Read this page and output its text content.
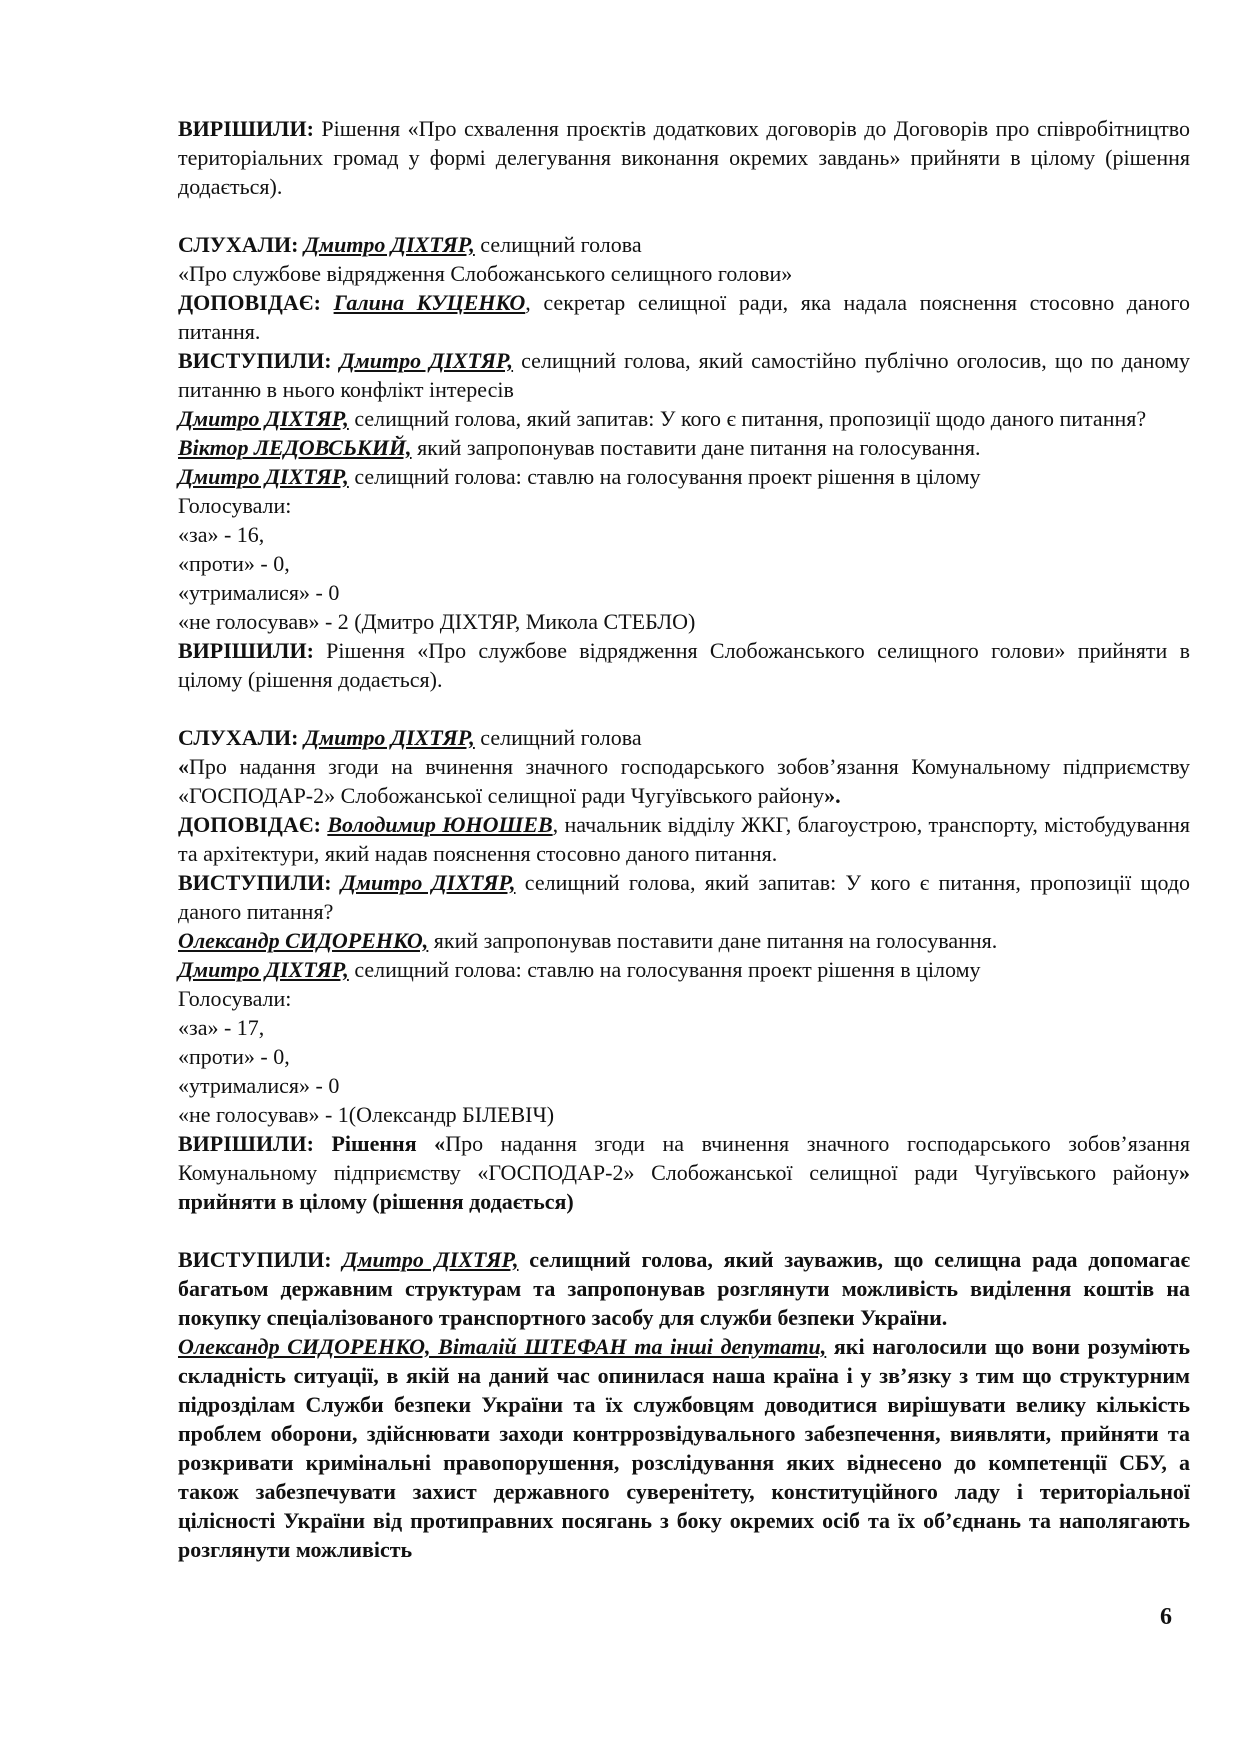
ВИРІШИЛИ: Рішення «Про схвалення проєктів додаткових договорів до Договорів про співробітництво територіальних громад у формі делегування виконання окремих завдань» прийняти в цілому (рішення додається).

СЛУХАЛИ: Дмитро ДІХТЯР, селищний голова

«Про службове відрядження Слобожанського селищного голови»

ДОПОВІДАЄ: Галина КУЦЕНКО, секретар селищної ради, яка надала пояснення стосовно даного питання.

ВИСТУПИЛИ: Дмитро ДІХТЯР, селищний голова, який самостійно публічно оголосив, що по даному питанню в нього конфлікт інтересів

Дмитро ДІХТЯР, селищний голова, який запитав: У кого є питання, пропозиції щодо даного питання?

Віктор ЛЕДОВСЬКИЙ, який запропонував поставити дане питання на голосування.

Дмитро ДІХТЯР, селищний голова: ставлю на голосування проект рішення в цілому

Голосували:

«за» - 16,

«проти» - 0,

«утрималися» - 0

«не голосував» - 2 (Дмитро ДІХТЯР, Микола СТЕБЛО)

ВИРІШИЛИ: Рішення «Про службове відрядження Слобожанського селищного голови» прийняти в цілому (рішення додається).

СЛУХАЛИ: Дмитро ДІХТЯР, селищний голова

«Про надання згоди на вчинення значного господарського зобов’язання Комунальному підприємству «ГОСПОДАР-2» Слобожанської селищної ради Чугуївського району».

ДОПОВІДАЄ: Володимир ЮНОШЕВ, начальник відділу ЖКГ, благоустрою, транспорту, містобудування та архітектури, який надав пояснення стосовно даного питання.

ВИСТУПИЛИ: Дмитро ДІХТЯР, селищний голова, який запитав: У кого є питання, пропозиції щодо даного питання?

Олександр СИДОРЕНКО, який запропонував поставити дане питання на голосування.

Дмитро ДІХТЯР, селищний голова: ставлю на голосування проект рішення в цілому

Голосували:

«за» - 17,

«проти» - 0,

«утрималися» - 0

«не голосував» - 1(Олександр БІЛЕВІЧ)

ВИРІШИЛИ: Рішення «Про надання згоди на вчинення значного господарського зобов’язання Комунальному підприємству «ГОСПОДАР-2» Слобожанської селищної ради Чугуївського району» прийняти в цілому (рішення додається)

ВИСТУПИЛИ: Дмитро ДІХТЯР, селищний голова, який зауважив, що селищна рада допомагає багатьом державним структурам та запропонував розглянути можливість виділення коштів на покупку спеціалізованого транспортного засобу для служби безпеки України.

Олександр СИДОРЕНКО, Віталій ШТЕФАН та інші депутати, які наголосили що вони розуміють складність ситуації, в якій на даний час опинилася наша країна і у зв’язку з тим що структурним підрозділам Служби безпеки України та їх службовцям доводитися вирішувати велику кількість проблем оборони, здійснювати заходи контррозвідувального забезпечення, виявляти, прийняти та розкривати кримінальні правопорушення, розслідування яких віднесено до компетенції СБУ, а також забезпечувати захист державного суверенітету, конституційного ладу і територіальної цілісності України від протиправних посягань з боку окремих осіб та їх об’єднань та наполягають розглянути можливість

6
